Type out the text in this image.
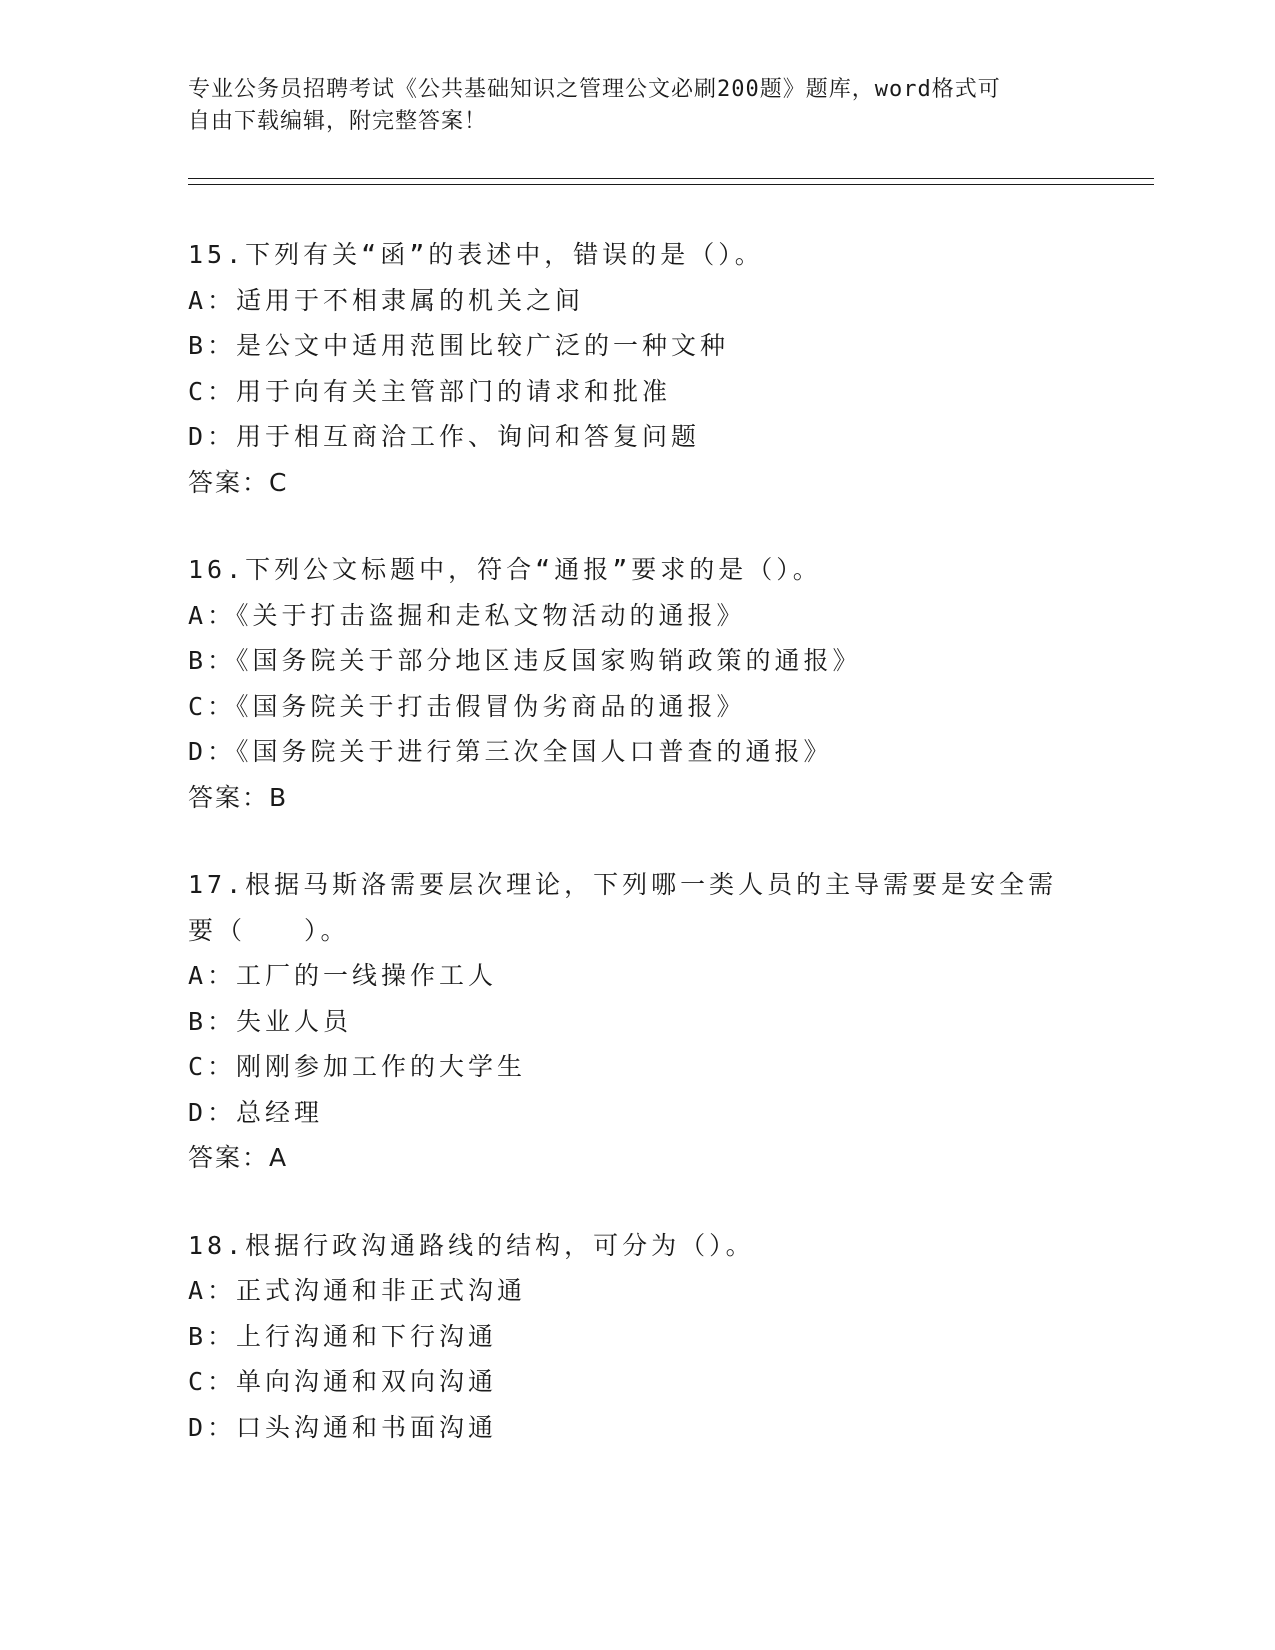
专业公务员招聘考试《公共基础知识之管理公文必刷200题》题库，word格式可
自由下载编辑，附完整答案！
15.下列有关“函”的表述中，错误的是（）。
A：适用于不相隶属的机关之间
B：是公文中适用范围比较广泛的一种文种
C：用于向有关主管部门的请求和批准
D：用于相互商洽工作、询问和答复问题
答案：C
16.下列公文标题中，符合“通报”要求的是（）。
A：《关于打击盗掘和走私文物活动的通报》
B：《国务院关于部分地区违反国家购销政策的通报》
C：《国务院关于打击假冒伪劣商品的通报》
D：《国务院关于进行第三次全国人口普查的通报》
答案：B
17.根据马斯洛需要层次理论，下列哪一类人员的主导需要是安全需要（　　）。
A：工厂的一线操作工人
B：失业人员
C：刚刚参加工作的大学生
D：总经理
答案：A
18.根据行政沟通路线的结构，可分为（）。
A：正式沟通和非正式沟通
B：上行沟通和下行沟通
C：单向沟通和双向沟通
D：口头沟通和书面沟通
